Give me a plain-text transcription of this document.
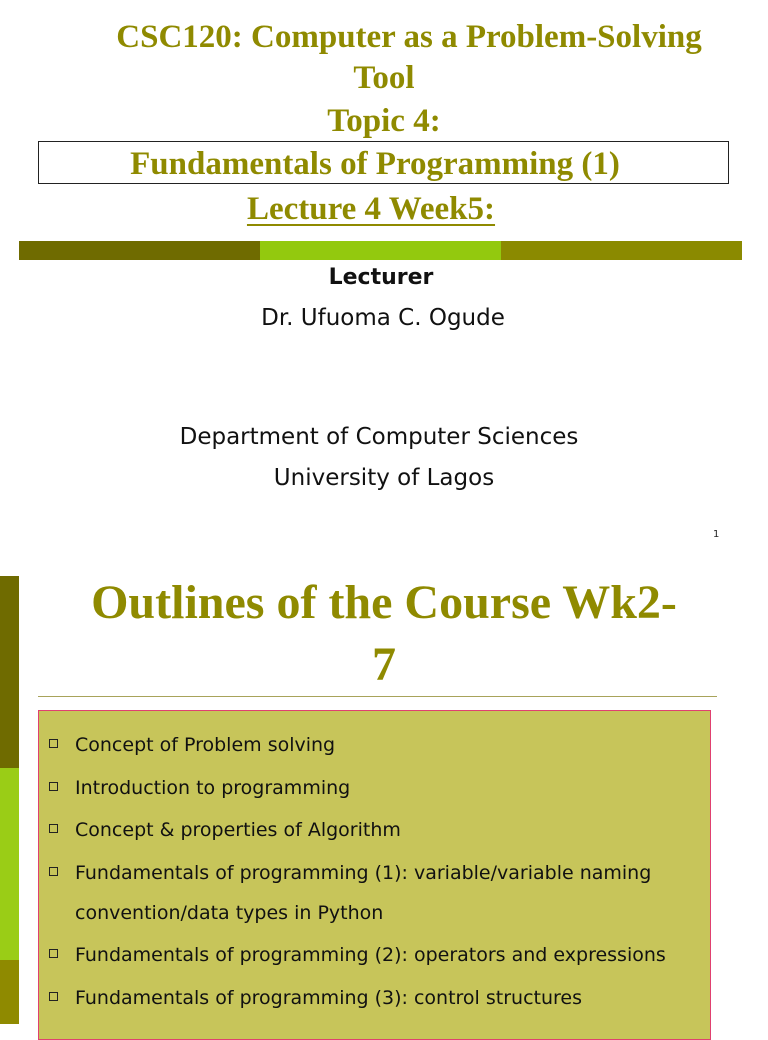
CSC120: Computer as a Problem-Solving
Tool
Topic 4:
Fundamentals of Programming (1)
Lecture 4 Week5:
Lecturer
Dr. Ufuoma C. Ogude
Department of Computer Sciences
University of Lagos
1
Outlines of the Course Wk2-
7
Concept of Problem solving
Introduction to programming
Concept & properties of Algorithm
Fundamentals of programming (1): variable/variable naming convention/data types in Python
Fundamentals of programming (2): operators and expressions
Fundamentals of programming (3): control structures
